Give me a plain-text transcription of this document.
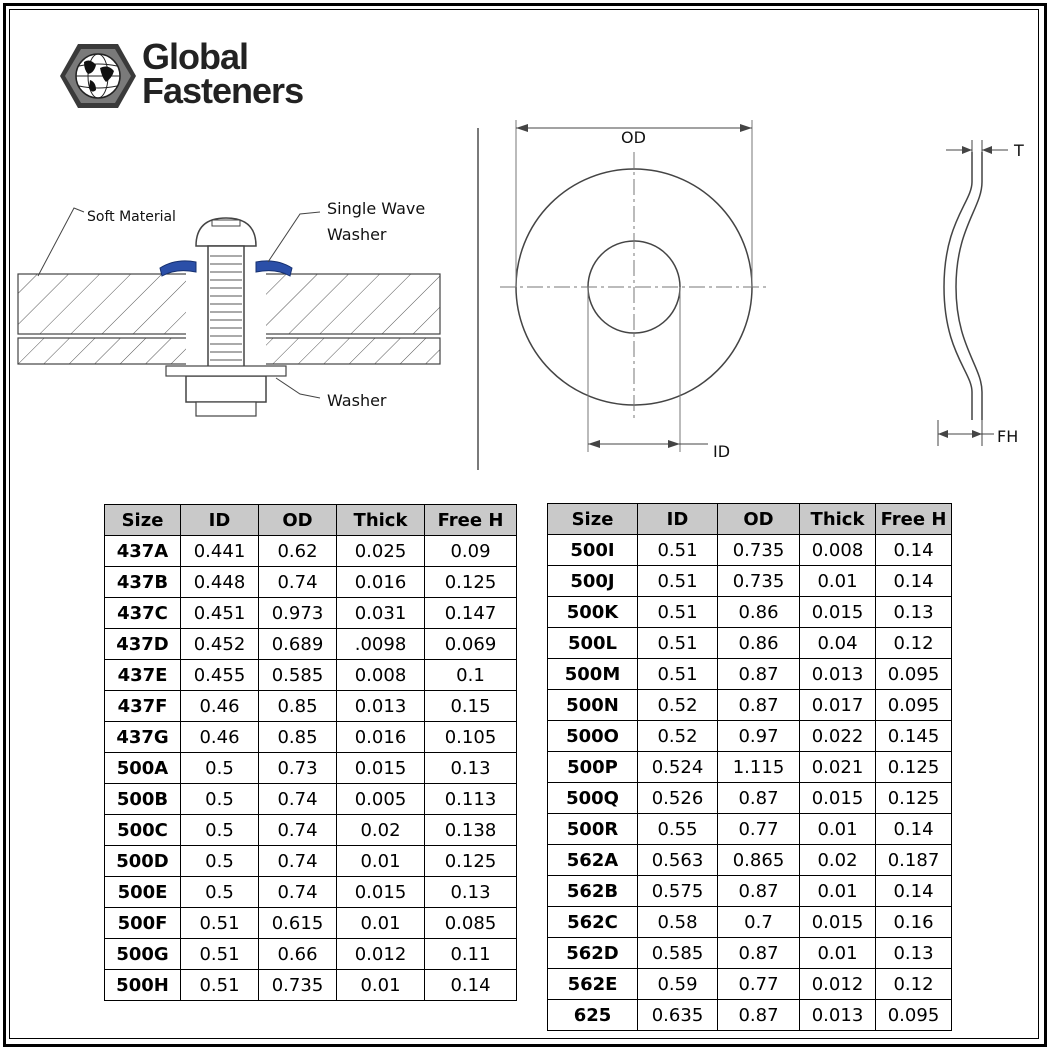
Global
Fasteners
Soft Material	Single Wave
Washer
Washer
OD
ID
T
FH
Size	ID	OD	Thick	Free H
437A	0.441	0.62	0.025	0.09
437B	0.448	0.74	0.016	0.125
437C	0.451	0.973	0.031	0.147
437D	0.452	0.689	.0098	0.069
437E	0.455	0.585	0.008	0.1
437F	0.46	0.85	0.013	0.15
437G	0.46	0.85	0.016	0.105
500A	0.5	0.73	0.015	0.13
500B	0.5	0.74	0.005	0.113
500C	0.5	0.74	0.02	0.138
500D	0.5	0.74	0.01	0.125
500E	0.5	0.74	0.015	0.13
500F	0.51	0.615	0.01	0.085
500G	0.51	0.66	0.012	0.11
500H	0.51	0.735	0.01	0.14
Size	ID	OD	Thick	Free H
500I	0.51	0.735	0.008	0.14
500J	0.51	0.735	0.01	0.14
500K	0.51	0.86	0.015	0.13
500L	0.51	0.86	0.04	0.12
500M	0.51	0.87	0.013	0.095
500N	0.52	0.87	0.017	0.095
500O	0.52	0.97	0.022	0.145
500P	0.524	1.115	0.021	0.125
500Q	0.526	0.87	0.015	0.125
500R	0.55	0.77	0.01	0.14
562A	0.563	0.865	0.02	0.187
562B	0.575	0.87	0.01	0.14
562C	0.58	0.7	0.015	0.16
562D	0.585	0.87	0.01	0.13
562E	0.59	0.77	0.012	0.12
625	0.635	0.87	0.013	0.095
